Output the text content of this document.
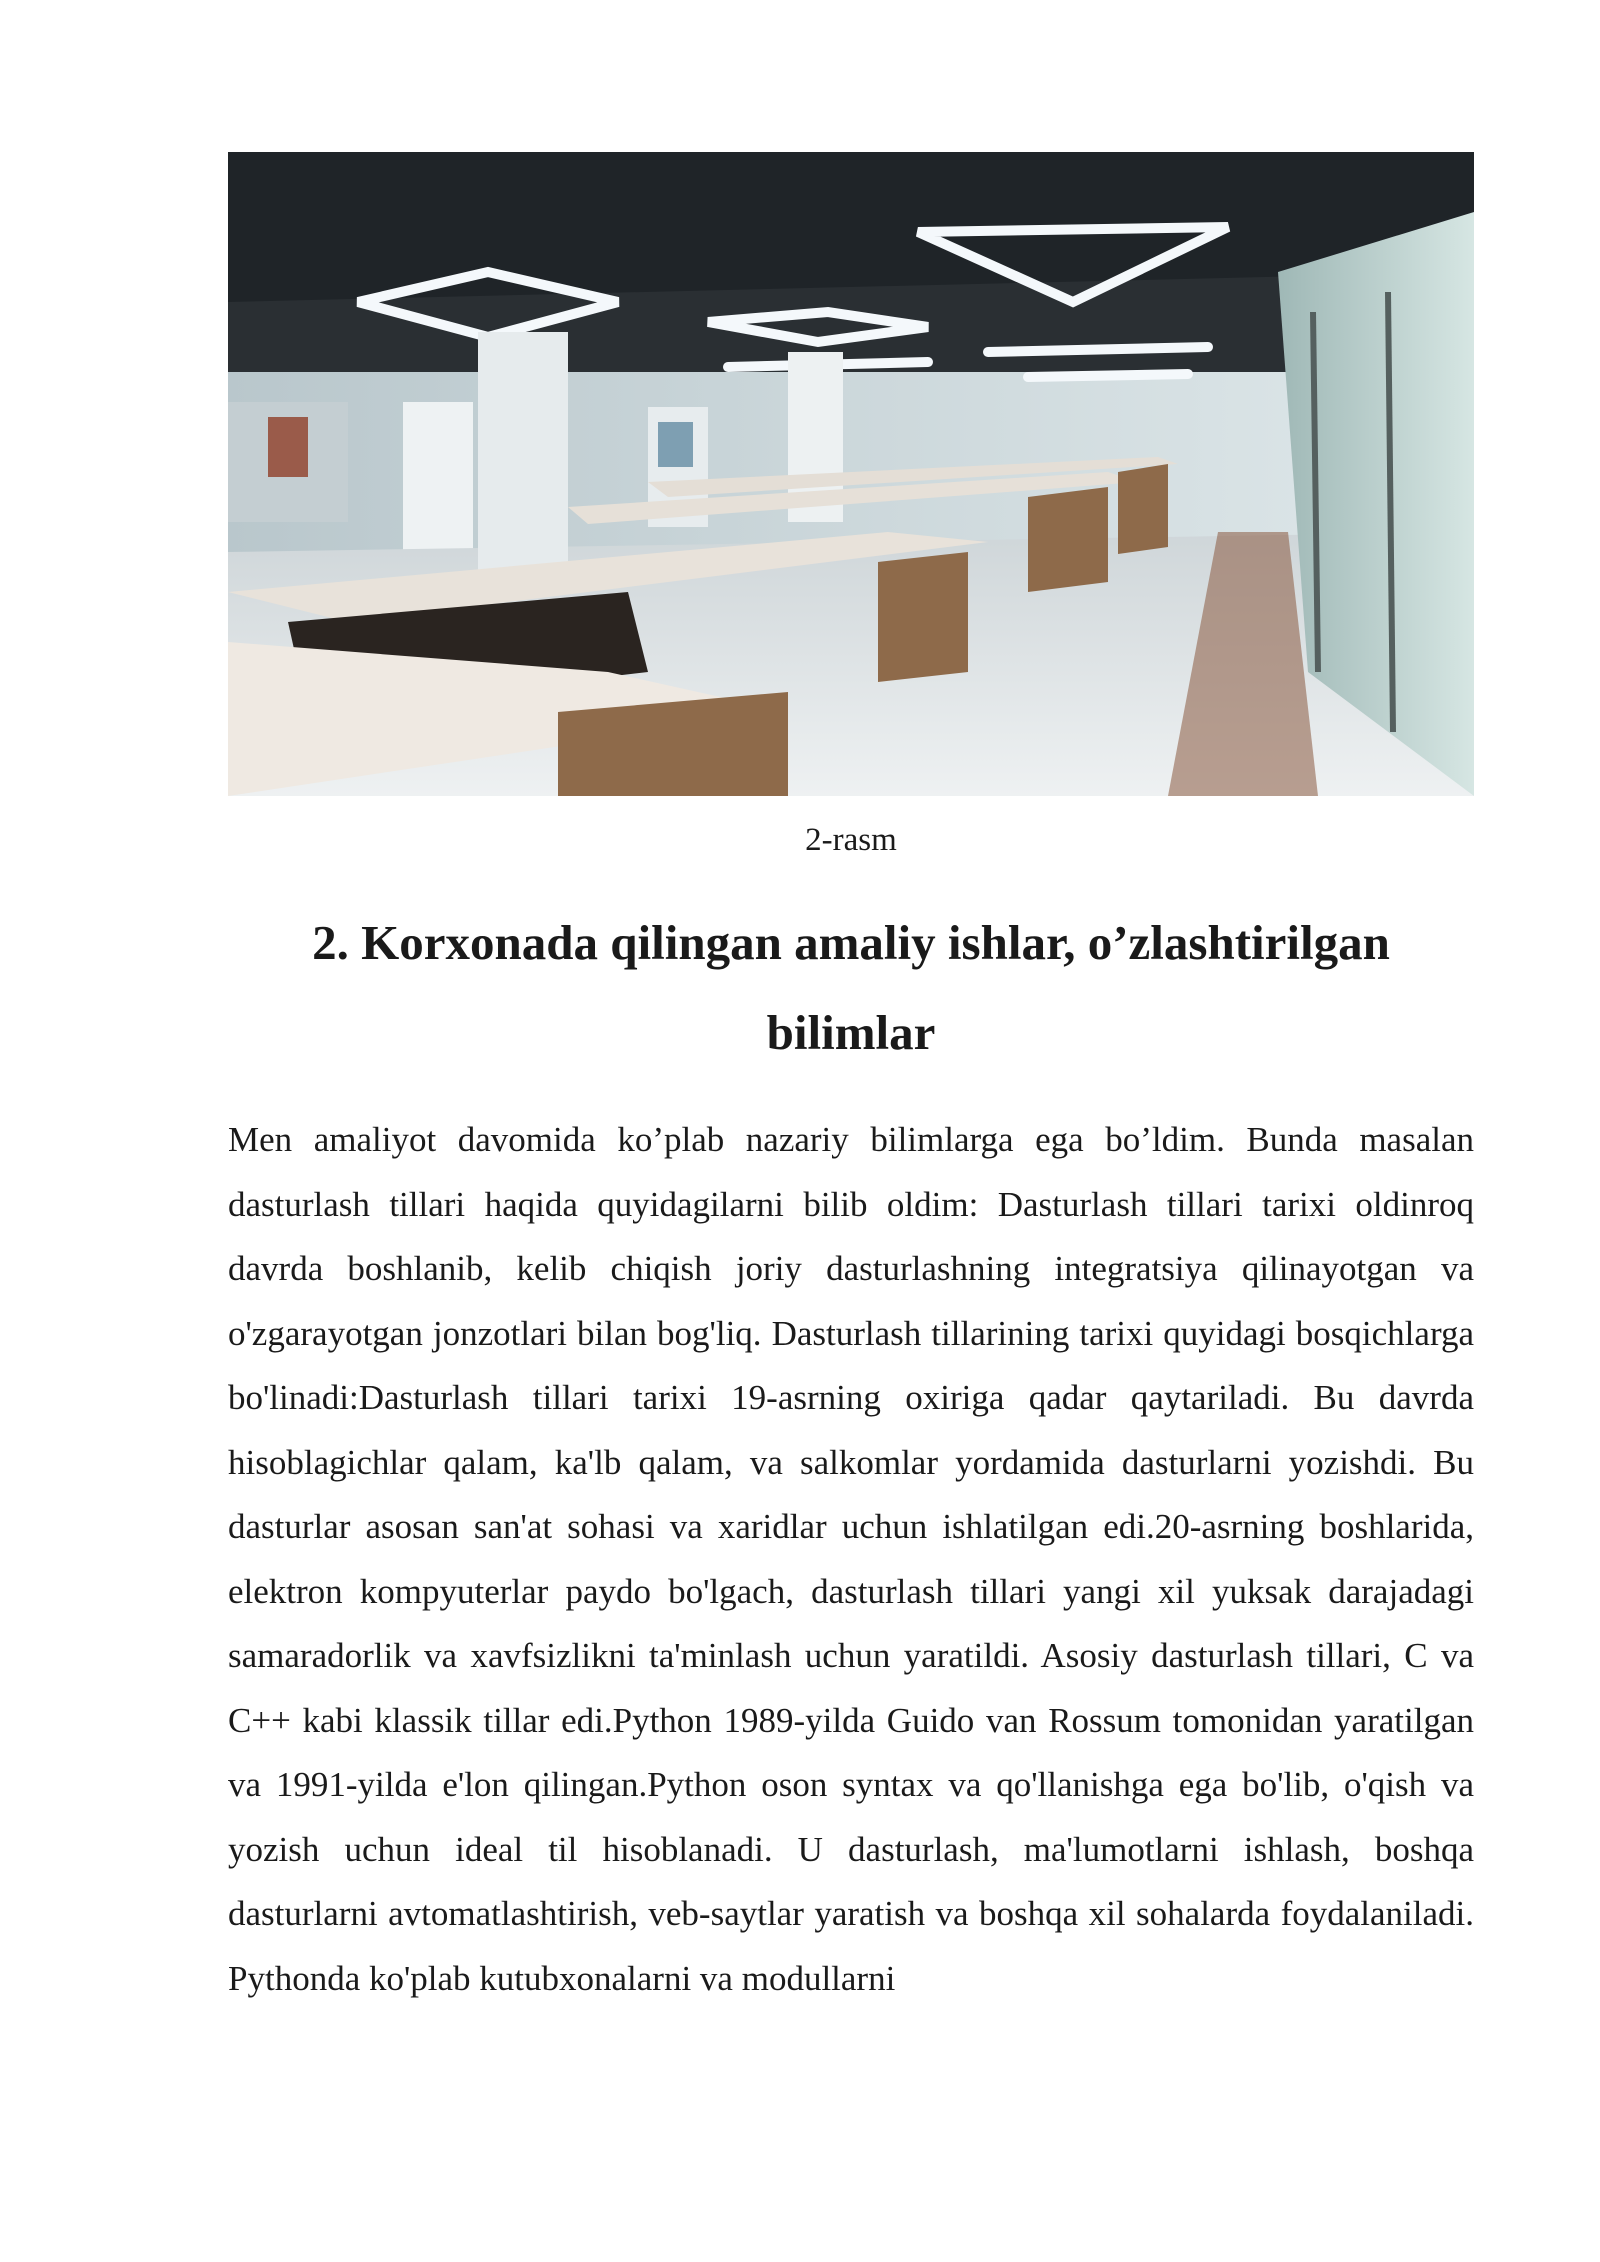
2-rasm
2. Korxonada qilingan amaliy ishlar, o’zlashtirilgan bilimlar

Men amaliyot davomida ko’plab nazariy bilimlarga ega bo’ldim. Bunda masalan dasturlash tillari haqida quyidagilarni bilib oldim: Dasturlash tillari tarixi oldinroq davrda boshlanib, kelib chiqish joriy dasturlashning integratsiya qilinayotgan va o'zgarayotgan jonzotlari bilan bog'liq. Dasturlash tillarining tarixi quyidagi bosqichlarga bo'linadi:Dasturlash tillari tarixi 19-asrning oxiriga qadar qaytariladi. Bu davrda hisoblagichlar qalam, ka'lb qalam, va salkomlar yordamida dasturlarni yozishdi. Bu dasturlar asosan san'at sohasi va xaridlar uchun ishlatilgan edi.20-asrning boshlarida, elektron kompyuterlar paydo bo'lgach, dasturlash tillari yangi xil yuksak darajadagi samaradorlik va xavfsizlikni ta'minlash uchun yaratildi. Asosiy dasturlash tillari, C va C++ kabi klassik tillar edi.Python 1989-yilda Guido van Rossum tomonidan yaratilgan va 1991-yilda e'lon qilingan.Python oson syntax va qo'llanishga ega bo'lib, o'qish va yozish uchun ideal til hisoblanadi. U dasturlash, ma'lumotlarni ishlash, boshqa dasturlarni avtomatlashtirish, veb-saytlar yaratish va boshqa xil sohalarda foydalaniladi. Pythonda ko'plab kutubxonalarni va modullarni
